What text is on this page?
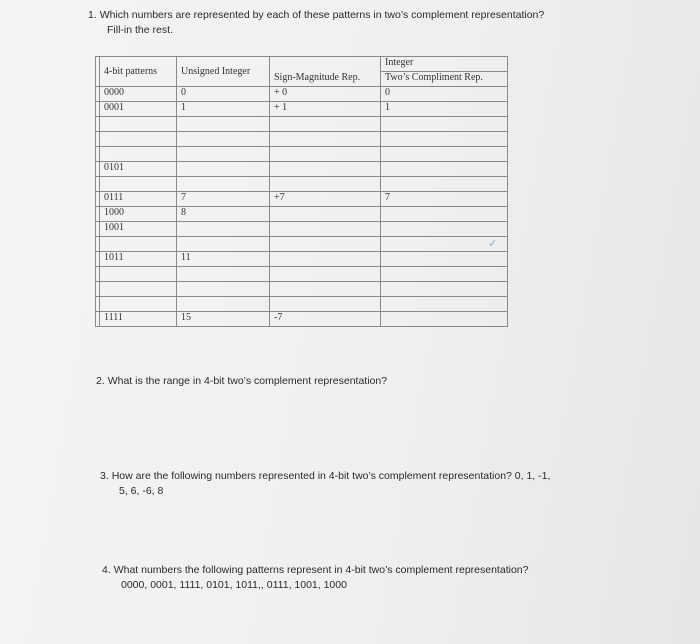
1. Which numbers are represented by each of these patterns in two’s complement representation?
Fill-in the rest.
	4-bit patterns	Unsigned Integer		Integer
			Sign-Magnitude Rep.	Two’s Compliment Rep.
	0000	0	+ 0	0
	0001	1	+ 1	1

	0101			

	0111	7	+7	7
	1000	8		
	1001			

	1011	11		

	1111	15	-7	
✓
2. What is the range in 4-bit two’s complement representation?
3. How are the following numbers represented in 4-bit two’s complement representation? 0, 1, -1,
5, 6, -6, 8
4. What numbers the following patterns represent in 4-bit two’s complement representation?
0000, 0001, 1111, 0101, 1011,, 0111, 1001, 1000
